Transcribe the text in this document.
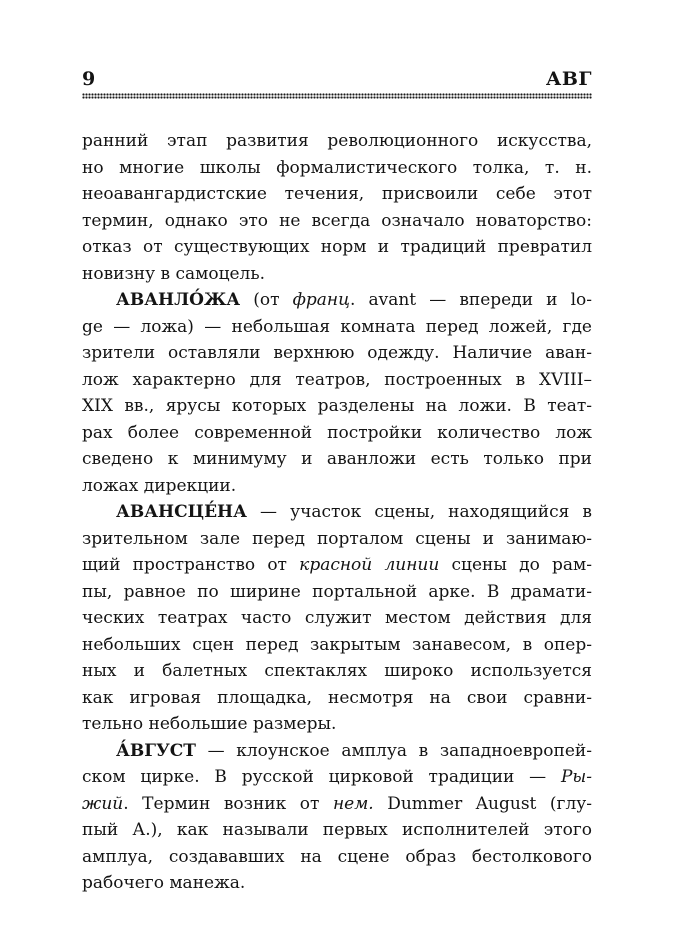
9	АВГ
ранний этап развития революционного искусства,
но многие школы формалистического толка, т. н.
неоавангардистские течения, присвоили себе этот
термин, однако это не всегда означало новаторство:
отказ от существующих норм и традиций превратил
новизну в самоцель.
АВАНЛО́ЖА (от франц. avant — впереди и lo-
ge — ложа) — небольшая комната перед ложей, где
зрители оставляли верхнюю одежду. Наличие аван-
лож характерно для театров, построенных в XVIII–
XIX вв., ярусы которых разделены на ложи. В теат-
рах более современной постройки количество лож
сведено к минимуму и аванложи есть только при
ложах дирекции.
АВАНСЦЕ́НА — участок сцены, находящийся в
зрительном зале перед порталом сцены и занимаю-
щий пространство от красной линии сцены до рам-
пы, равное по ширине портальной арке. В драмати-
ческих театрах часто служит местом действия для
небольших сцен перед закрытым занавесом, в опер-
ных и балетных спектаклях широко используется
как игровая площадка, несмотря на свои сравни-
тельно небольшие размеры.
А́ВГУСТ — клоунское амплуа в западноевропей-
ском цирке. В русской цирковой традиции — Ры-
жий. Термин возник от нем. Dummer August (глу-
пый А.), как называли первых исполнителей этого
амплуа, создававших на сцене образ бестолкового
рабочего манежа.
